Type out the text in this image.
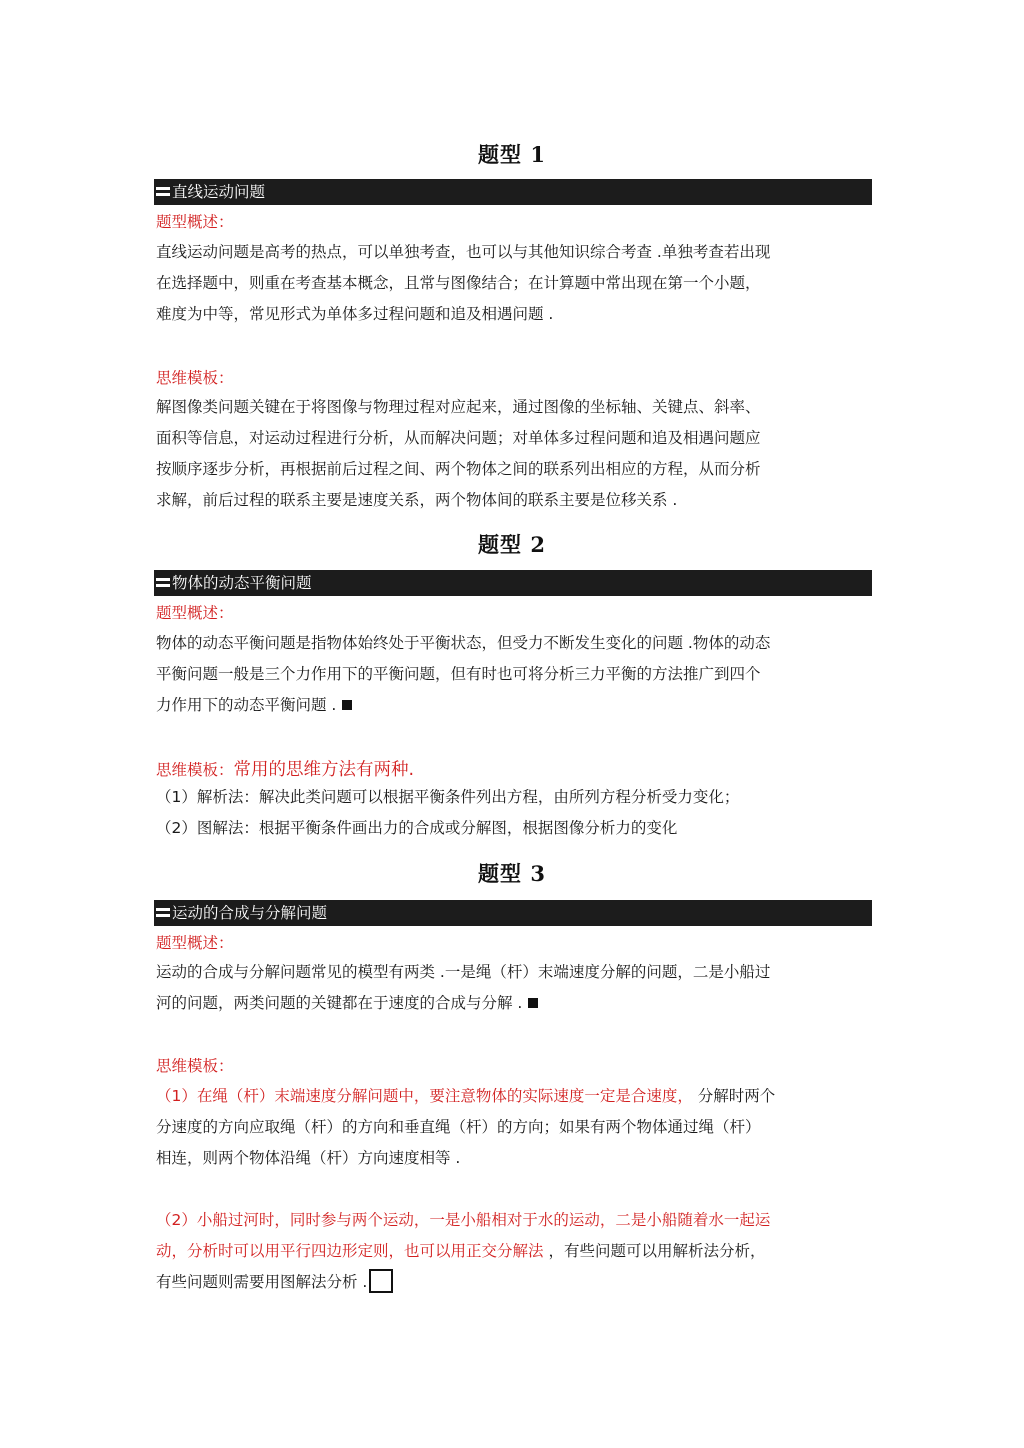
题型 1
直线运动问题
题型概述：
直线运动问题是高考的热点，可以单独考查，也可以与其他知识综合考查 .单独考查若出现
在选择题中，则重在考查基本概念，且常与图像结合；在计算题中常出现在第一个小题，
难度为中等，常见形式为单体多过程问题和追及相遇问题 .
思维模板：
解图像类问题关键在于将图像与物理过程对应起来，通过图像的坐标轴、关键点、斜率、
面积等信息，对运动过程进行分析，从而解决问题；对单体多过程问题和追及相遇问题应
按顺序逐步分析，再根据前后过程之间、两个物体之间的联系列出相应的方程，从而分析
求解，前后过程的联系主要是速度关系，两个物体间的联系主要是位移关系 .
题型 2
物体的动态平衡问题
题型概述：
物体的动态平衡问题是指物体始终处于平衡状态，但受力不断发生变化的问题 .物体的动态
平衡问题一般是三个力作用下的平衡问题，但有时也可将分析三力平衡的方法推广到四个
力作用下的动态平衡问题 .
思维模板：常用的思维方法有两种.
（1）解析法：解决此类问题可以根据平衡条件列出方程，由所列方程分析受力变化；
（2）图解法：根据平衡条件画出力的合成或分解图，根据图像分析力的变化
题型 3
运动的合成与分解问题
题型概述：
运动的合成与分解问题常见的模型有两类 .一是绳（杆）末端速度分解的问题，二是小船过
河的问题，两类问题的关键都在于速度的合成与分解 .
思维模板：
（1）在绳（杆）末端速度分解问题中，要注意物体的实际速度一定是合速度， 分解时两个
分速度的方向应取绳（杆）的方向和垂直绳（杆）的方向；如果有两个物体通过绳（杆）
相连，则两个物体沿绳（杆）方向速度相等 .
（2）小船过河时，同时参与两个运动，一是小船相对于水的运动，二是小船随着水一起运
动，分析时可以用平行四边形定则，也可以用正交分解法 ，有些问题可以用解析法分析，
有些问题则需要用图解法分析 .
